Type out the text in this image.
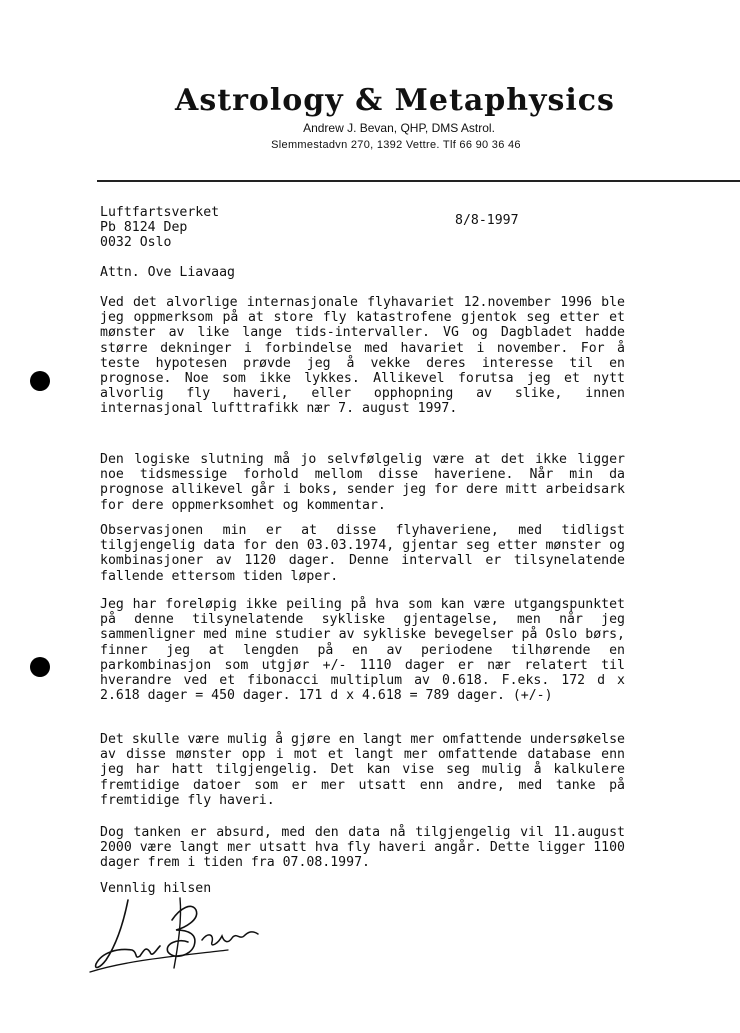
Astrology & Metaphysics
Andrew J. Bevan, QHP, DMS Astrol.
Slemmestadvn 270, 1392 Vettre. Tlf 66 90 36 46
Luftfartsverket
Pb 8124 Dep
0032 Oslo
8/8-1997
Attn. Ove Liavaag
Ved det alvorlige internasjonale flyhavariet 12.november 1996 ble jeg oppmerksom på at store fly katastrofene gjentok seg etter et mønster av like lange tids-intervaller. VG og Dagbladet hadde større dekninger i forbindelse med havariet i november. For å teste hypotesen prøvde jeg å vekke deres interesse til en prognose. Noe som ikke lykkes. Allikevel forutsa jeg et nytt alvorlig fly haveri, eller opphopning av slike, innen internasjonal lufttrafikk nær 7. august 1997.
Den logiske slutning må jo selvfølgelig være at det ikke ligger noe tidsmessige forhold mellom disse haveriene. Når min da prognose allikevel går i boks, sender jeg for dere mitt arbeidsark for dere oppmerksomhet og kommentar.
Observasjonen min er at disse flyhaveriene, med tidligst tilgjengelig data for den 03.03.1974, gjentar seg etter mønster og kombinasjoner av 1120 dager. Denne intervall er tilsynelatende fallende ettersom tiden løper.
Jeg har foreløpig ikke peiling på hva som kan være utgangspunktet på denne tilsynelatende sykliske gjentagelse, men når jeg sammenligner med mine studier av sykliske bevegelser på Oslo børs, finner jeg at lengden på en av periodene tilhørende en parkombinasjon som utgjør +/- 1110 dager er nær relatert til hverandre ved et fibonacci multiplum av 0.618. F.eks. 172 d x 2.618 dager = 450 dager. 171 d x 4.618 = 789 dager. (+/-)
Det skulle være mulig å gjøre en langt mer omfattende undersøkelse av disse mønster opp i mot et langt mer omfattende database enn jeg har hatt tilgjengelig. Det kan vise seg mulig å kalkulere fremtidige datoer som er mer utsatt enn andre, med tanke på fremtidige fly haveri.
Dog tanken er absurd, med den data nå tilgjengelig vil 11.august 2000 være langt mer utsatt hva fly haveri angår. Dette ligger 1100 dager frem i tiden fra 07.08.1997.
Vennlig hilsen
